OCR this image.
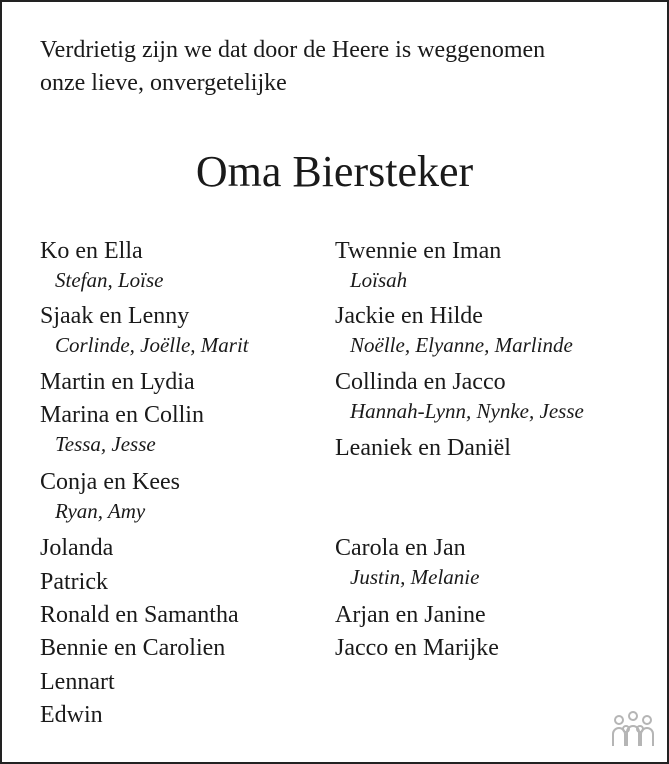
Verdrietig zijn we dat door de Heere is weggenomen
onze lieve, onvergetelijke
Oma Biersteker
Ko en Ella
Stefan, Loïse
Sjaak en Lenny
Corlinde, Joëlle, Marit
Martin en Lydia
Marina en Collin
Tessa, Jesse
Conja en Kees
Ryan, Amy
Jolanda
Patrick
Ronald en Samantha
Bennie en Carolien
Lennart
Edwin
Twennie en Iman
Loïsah
Jackie en Hilde
Noëlle, Elyanne, Marlinde
Collinda en Jacco
Hannah-Lynn, Nynke, Jesse
Leaniek en Daniël
Carola en Jan
Justin, Melanie
Arjan en Janine
Jacco en Marijke
